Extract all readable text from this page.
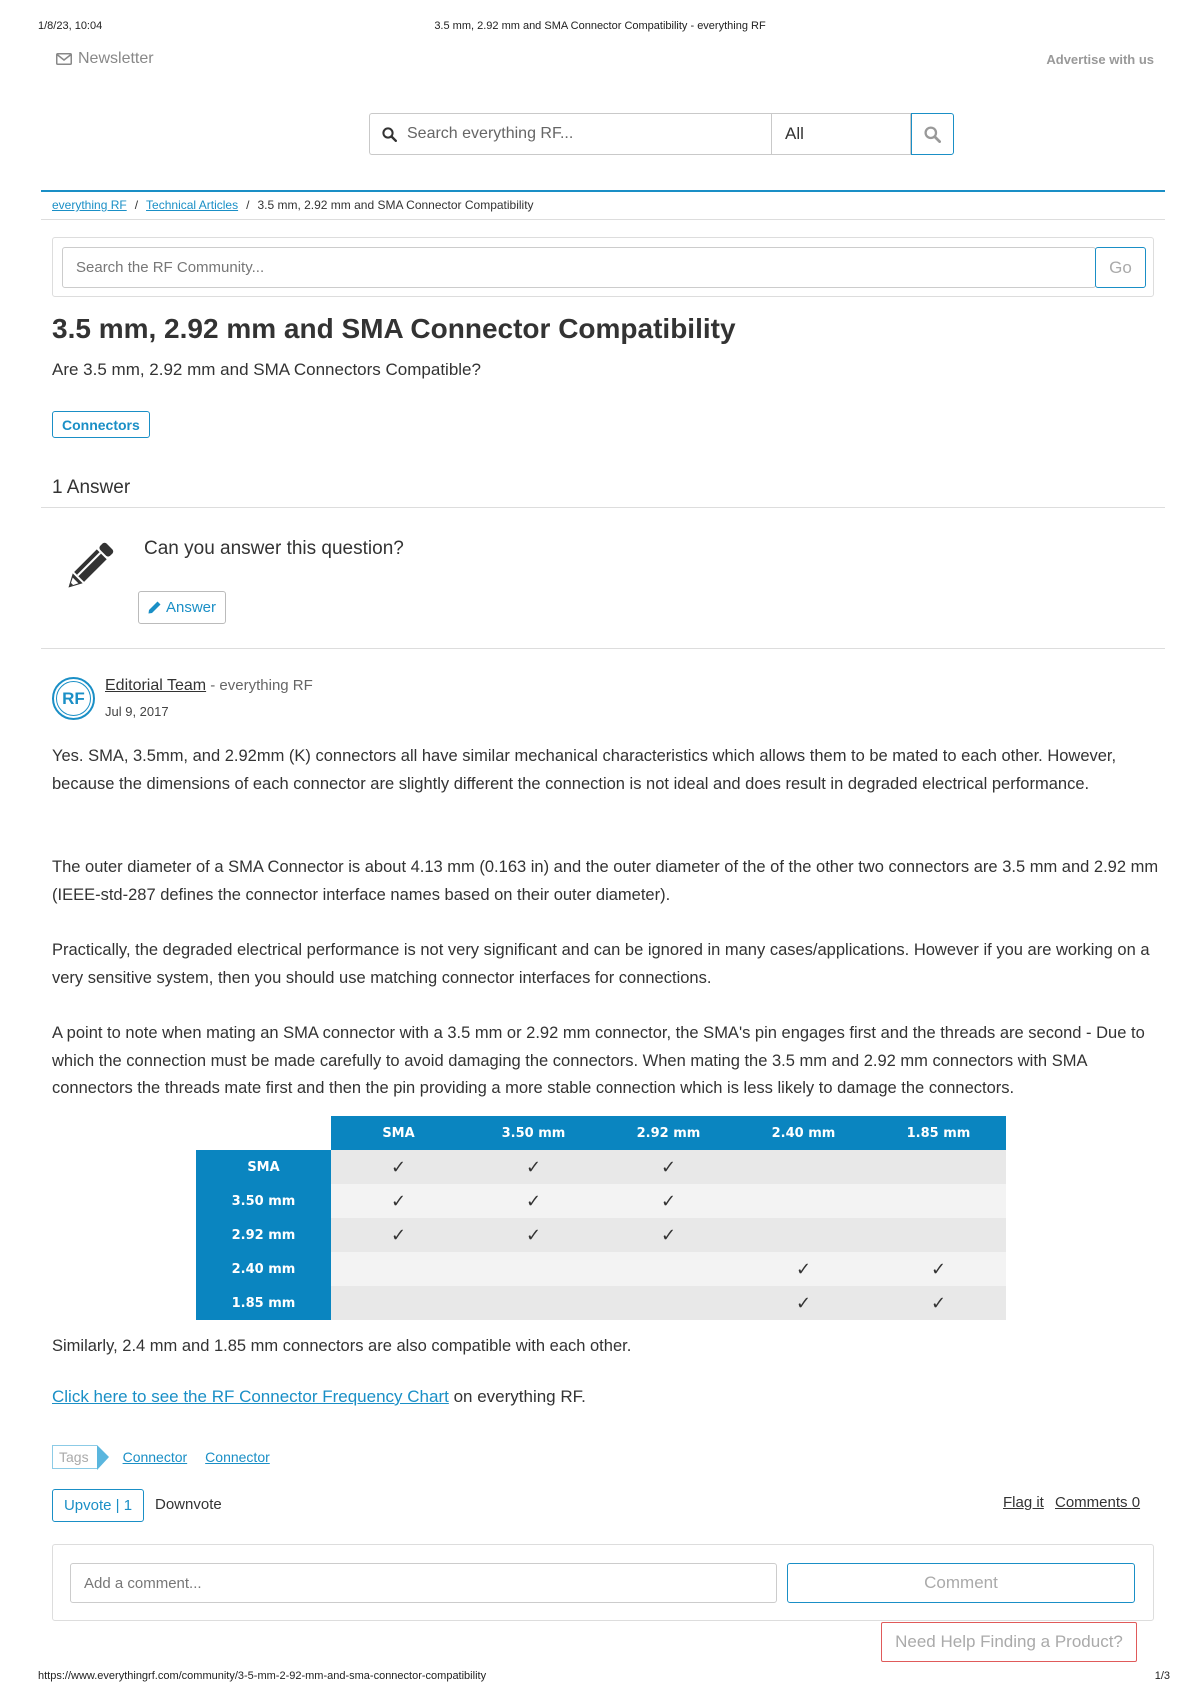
1/8/23, 10:04	3.5 mm, 2.92 mm and SMA Connector Compatibility - everything RF
Newsletter	Advertise with us
Search everything RF...	All
everything RF / Technical Articles / 3.5 mm, 2.92 mm and SMA Connector Compatibility
Search the RF Community...	Go
3.5 mm, 2.92 mm and SMA Connector Compatibility
Are 3.5 mm, 2.92 mm and SMA Connectors Compatible?
Connectors
1 Answer
Can you answer this question?
Answer
RF
Editorial Team - everything RF
Jul 9, 2017

Yes. SMA, 3.5mm, and 2.92mm (K) connectors all have similar mechanical characteristics which allows them to be mated to each other. However, because the dimensions of each connector are slightly different the connection is not ideal and does result in degraded electrical performance.

The outer diameter of a SMA Connector is about 4.13 mm (0.163 in) and the outer diameter of the of the other two connectors are 3.5 mm and 2.92 mm (IEEE-std-287 defines the connector interface names based on their outer diameter).

Practically, the degraded electrical performance is not very significant and can be ignored in many cases/applications. However if you are working on a very sensitive system, then you should use matching connector interfaces for connections.

A point to note when mating an SMA connector with a 3.5 mm or 2.92 mm connector, the SMA's pin engages first and the threads are second - Due to which the connection must be made carefully to avoid damaging the connectors. When mating the 3.5 mm and 2.92 mm connectors with SMA connectors the threads mate first and then the pin providing a more stable connection which is less likely to damage the connectors.

	SMA	3.50 mm	2.92 mm	2.40 mm	1.85 mm
SMA	✓	✓	✓		
3.50 mm	✓	✓	✓		
2.92 mm	✓	✓	✓		
2.40 mm				✓	✓
1.85 mm				✓	✓
Similarly, 2.4 mm and 1.85 mm connectors are also compatible with each other.
Click here to see the RF Connector Frequency Chart on everything RF.
Tags	Connector Connector
Upvote | 1	Downvote	Flag it Comments 0
Add a comment...	Comment
Need Help Finding a Product?
https://www.everythingrf.com/community/3-5-mm-2-92-mm-and-sma-connector-compatibility	1/3
